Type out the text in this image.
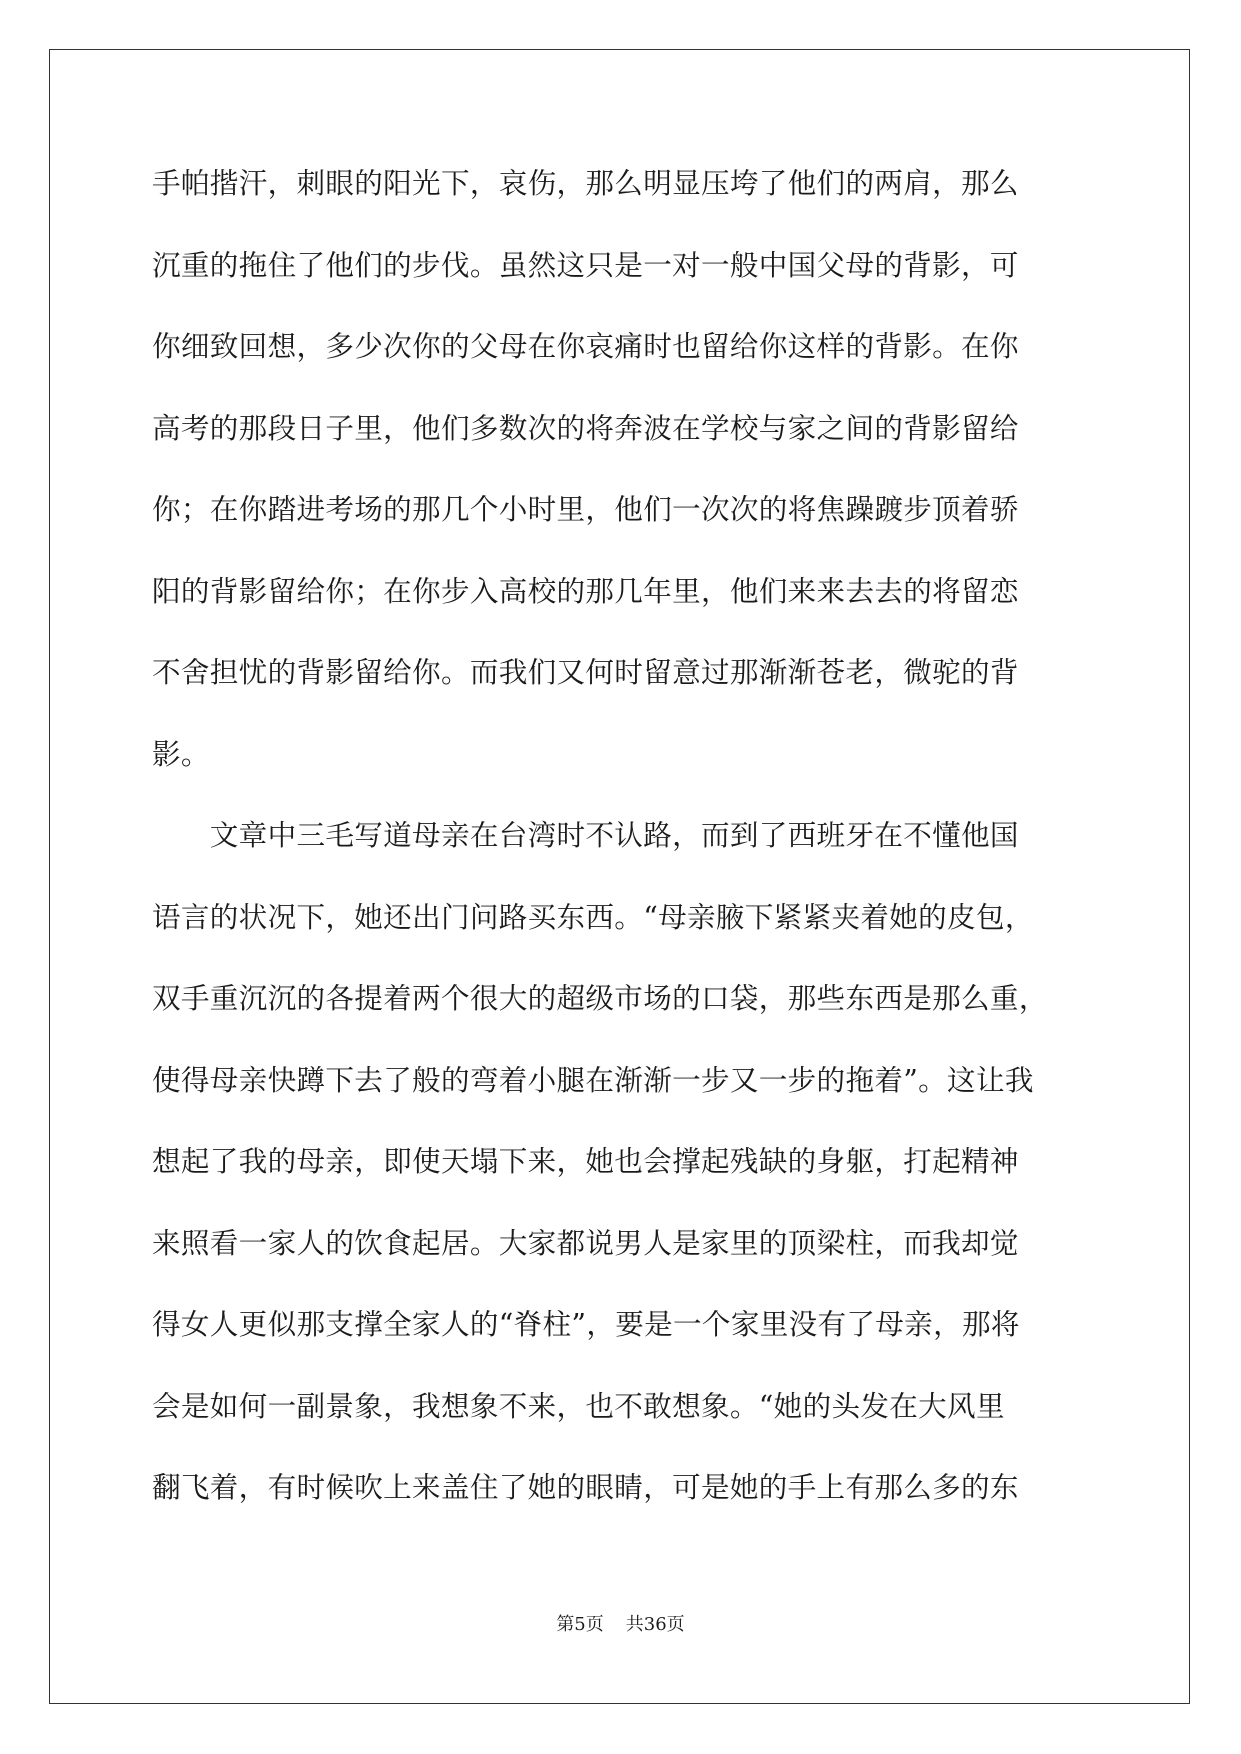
手帕揩汗，刺眼的阳光下，哀伤，那么明显压垮了他们的两肩，那么
沉重的拖住了他们的步伐。虽然这只是一对一般中国父母的背影，可
你细致回想，多少次你的父母在你哀痛时也留给你这样的背影。在你
高考的那段日子里，他们多数次的将奔波在学校与家之间的背影留给
你；在你踏进考场的那几个小时里，他们一次次的将焦躁踱步顶着骄
阳的背影留给你；在你步入高校的那几年里，他们来来去去的将留恋
不舍担忧的背影留给你。而我们又何时留意过那渐渐苍老，微驼的背
影。
　　文章中三毛写道母亲在台湾时不认路，而到了西班牙在不懂他国
语言的状况下，她还出门问路买东西。“母亲腋下紧紧夹着她的皮包，
双手重沉沉的各提着两个很大的超级市场的口袋，那些东西是那么重，
使得母亲快蹲下去了般的弯着小腿在渐渐一步又一步的拖着”。这让我
想起了我的母亲，即使天塌下来，她也会撑起残缺的身躯，打起精神
来照看一家人的饮食起居。大家都说男人是家里的顶梁柱，而我却觉
得女人更似那支撑全家人的“脊柱”，要是一个家里没有了母亲，那将
会是如何一副景象，我想象不来，也不敢想象。“她的头发在大风里
翻飞着，有时候吹上来盖住了她的眼睛，可是她的手上有那么多的东
第5页 共36页
